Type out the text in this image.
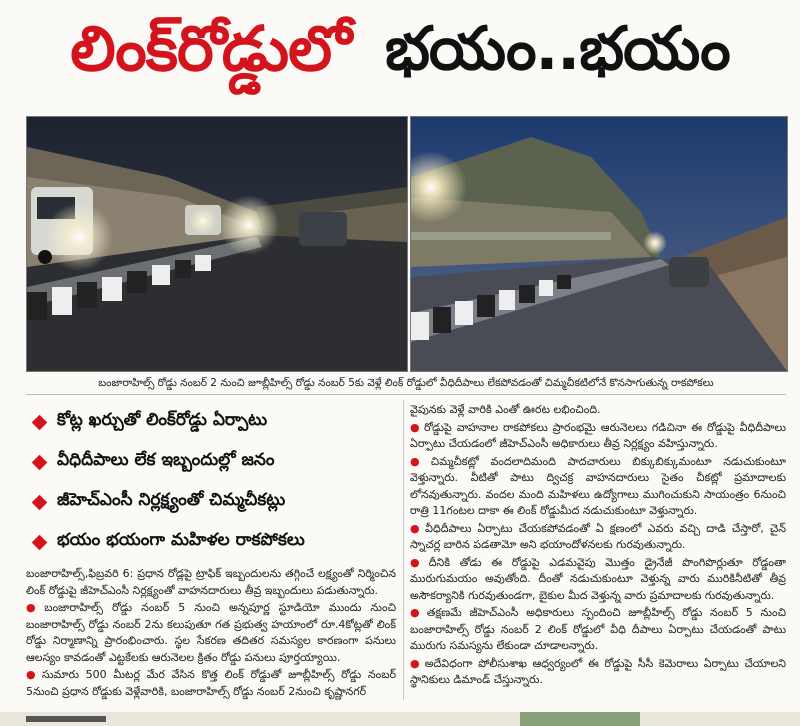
లింక్‌రోడ్డులో భయం..భయం
బంజారాహిల్స్ రోడ్డు నంబర్ 2 నుంచి జూబ్లీహిల్స్ రోడ్డు నంబర్ 5కు వెళ్లే లింక్ రోడ్డులో వీధిదీపాలు లేకపోవడంతో చిమ్మచీకటిలోనే కొనసాగుతున్న రాకపోకలు
కోట్ల ఖర్చుతో లింక్‌రోడ్డు ఏర్పాటు
వీధిదీపాలు లేక ఇబ్బందుల్లో జనం
జీహెచ్‌ఎంసీ నిర్లక్ష్యంతో చిమ్మచీకట్లు
భయం భయంగా మహిళల రాకపోకలు

బంజారాహిల్స్,ఫిబ్రవరి 6: ప్రధాన రోడ్లపై ట్రాఫిక్ ఇబ్బందులను తగ్గించే లక్ష్యంతో నిర్మించిన లింక్ రోడ్డుపై జీహెచ్‌ఎంసీ నిర్లక్ష్యంతో వాహనదారులు తీవ్ర ఇబ్బందులు పడుతున్నారు.

● బంజారాహిల్స్ రోడ్డు నంబర్ 5 నుంచి అన్నపూర్ణ స్టూడియో ముందు నుంచి బంజారాహిల్స్ రోడ్డు నంబర్ 2ను కలుపుతూ గత ప్రభుత్వ హయాంలో రూ.4కోట్లతో లింక్ రోడ్డు నిర్మాణాన్ని ప్రారంభించారు. స్థల సేకరణ తదితర సమస్యల కారణంగా పనులు ఆలస్యం కావడంతో ఎట్టకేలకు ఆరునెలల క్రితం రోడ్డు పనులు పూర్తయ్యాయి.

● సుమారు 500 మీటర్ల మేర వేసిన కొత్త లింక్ రోడ్డుతో జూబ్లీహిల్స్ రోడ్డు నంబర్ 5నుంచి ప్రధాన రోడ్డుకు వెళ్లేవారికి, బంజారాహిల్స్ రోడ్డు నంబర్ 2నుంచి కృష్ణానగర్

వైపునకు వెళ్లే వారికి ఎంతో ఊరట లభించింది.

● రోడ్డుపై వాహనాల రాకపోకలు ప్రారంభమై ఆరునెలలు గడిచినా ఈ రోడ్డుపై వీధిదీపాలు ఏర్పాటు చేయడంలో జీహెచ్‌ఎంసీ అధికారులు తీవ్ర నిర్లక్ష్యం వహిస్తున్నారు.

● చిమ్మచీకట్లో వందలాదిమంది పాదచారులు బిక్కుబిక్కుమంటూ నడుచుకుంటూ వెళ్తున్నారు. వీటితో పాటు ద్విచక్ర వాహనదారులు సైతం చీకట్లో ప్రమాదాలకు లోనవుతున్నారు. వందల మంది మహిళలు ఉద్యోగాలు ముగించుకుని సాయంత్రం 6నుంచి రాత్రి 11గంటల దాకా ఈ లింక్ రోడ్డుమీద నడుచుకుంటూ వెళ్తున్నారు.

● వీధిదీపాలు ఏర్పాటు చేయకపోవడంతో ఏ క్షణంలో ఎవరు వచ్చి దాడి చేస్తారో, చైన్ స్నాచర్ల బారిన పడతామో అని భయాందోళనలకు గురవుతున్నారు.

● దీనికి తోడు ఈ రోడ్డుపై ఎడమవైపు మొత్తం డ్రైనేజీ పొంగిపొర్లుతూ రోడ్డంతా మురుగుమయం అవుతోంది. దీంతో నడుచుకుంటూ వెళ్తున్న వారు మురికినీటితో తీవ్ర అసౌకర్యానికి గురవుతుండగా, బైకుల మీద వెళ్తున్న వారు ప్రమాదాలకు గురవుతున్నారు.

● తక్షణమే జీహెచ్‌ఎంసీ అధికారులు స్పందించి జూబ్లీహిల్స్ రోడ్డు నంబర్ 5 నుంచి బంజారాహిల్స్ రోడ్డు నంబర్ 2 లింక్ రోడ్డులో వీధి దీపాలు ఏర్పాటు చేయడంతో పాటు మురుగు సమస్యను లేకుండా చూడాలన్నారు.

● అదేవిధంగా పోలీసుశాఖ ఆధ్వర్యంలో ఈ రోడ్డుపై సీసీ కెమెరాలు ఏర్పాటు చేయాలని స్థానికులు డిమాండ్ చేస్తున్నారు.
